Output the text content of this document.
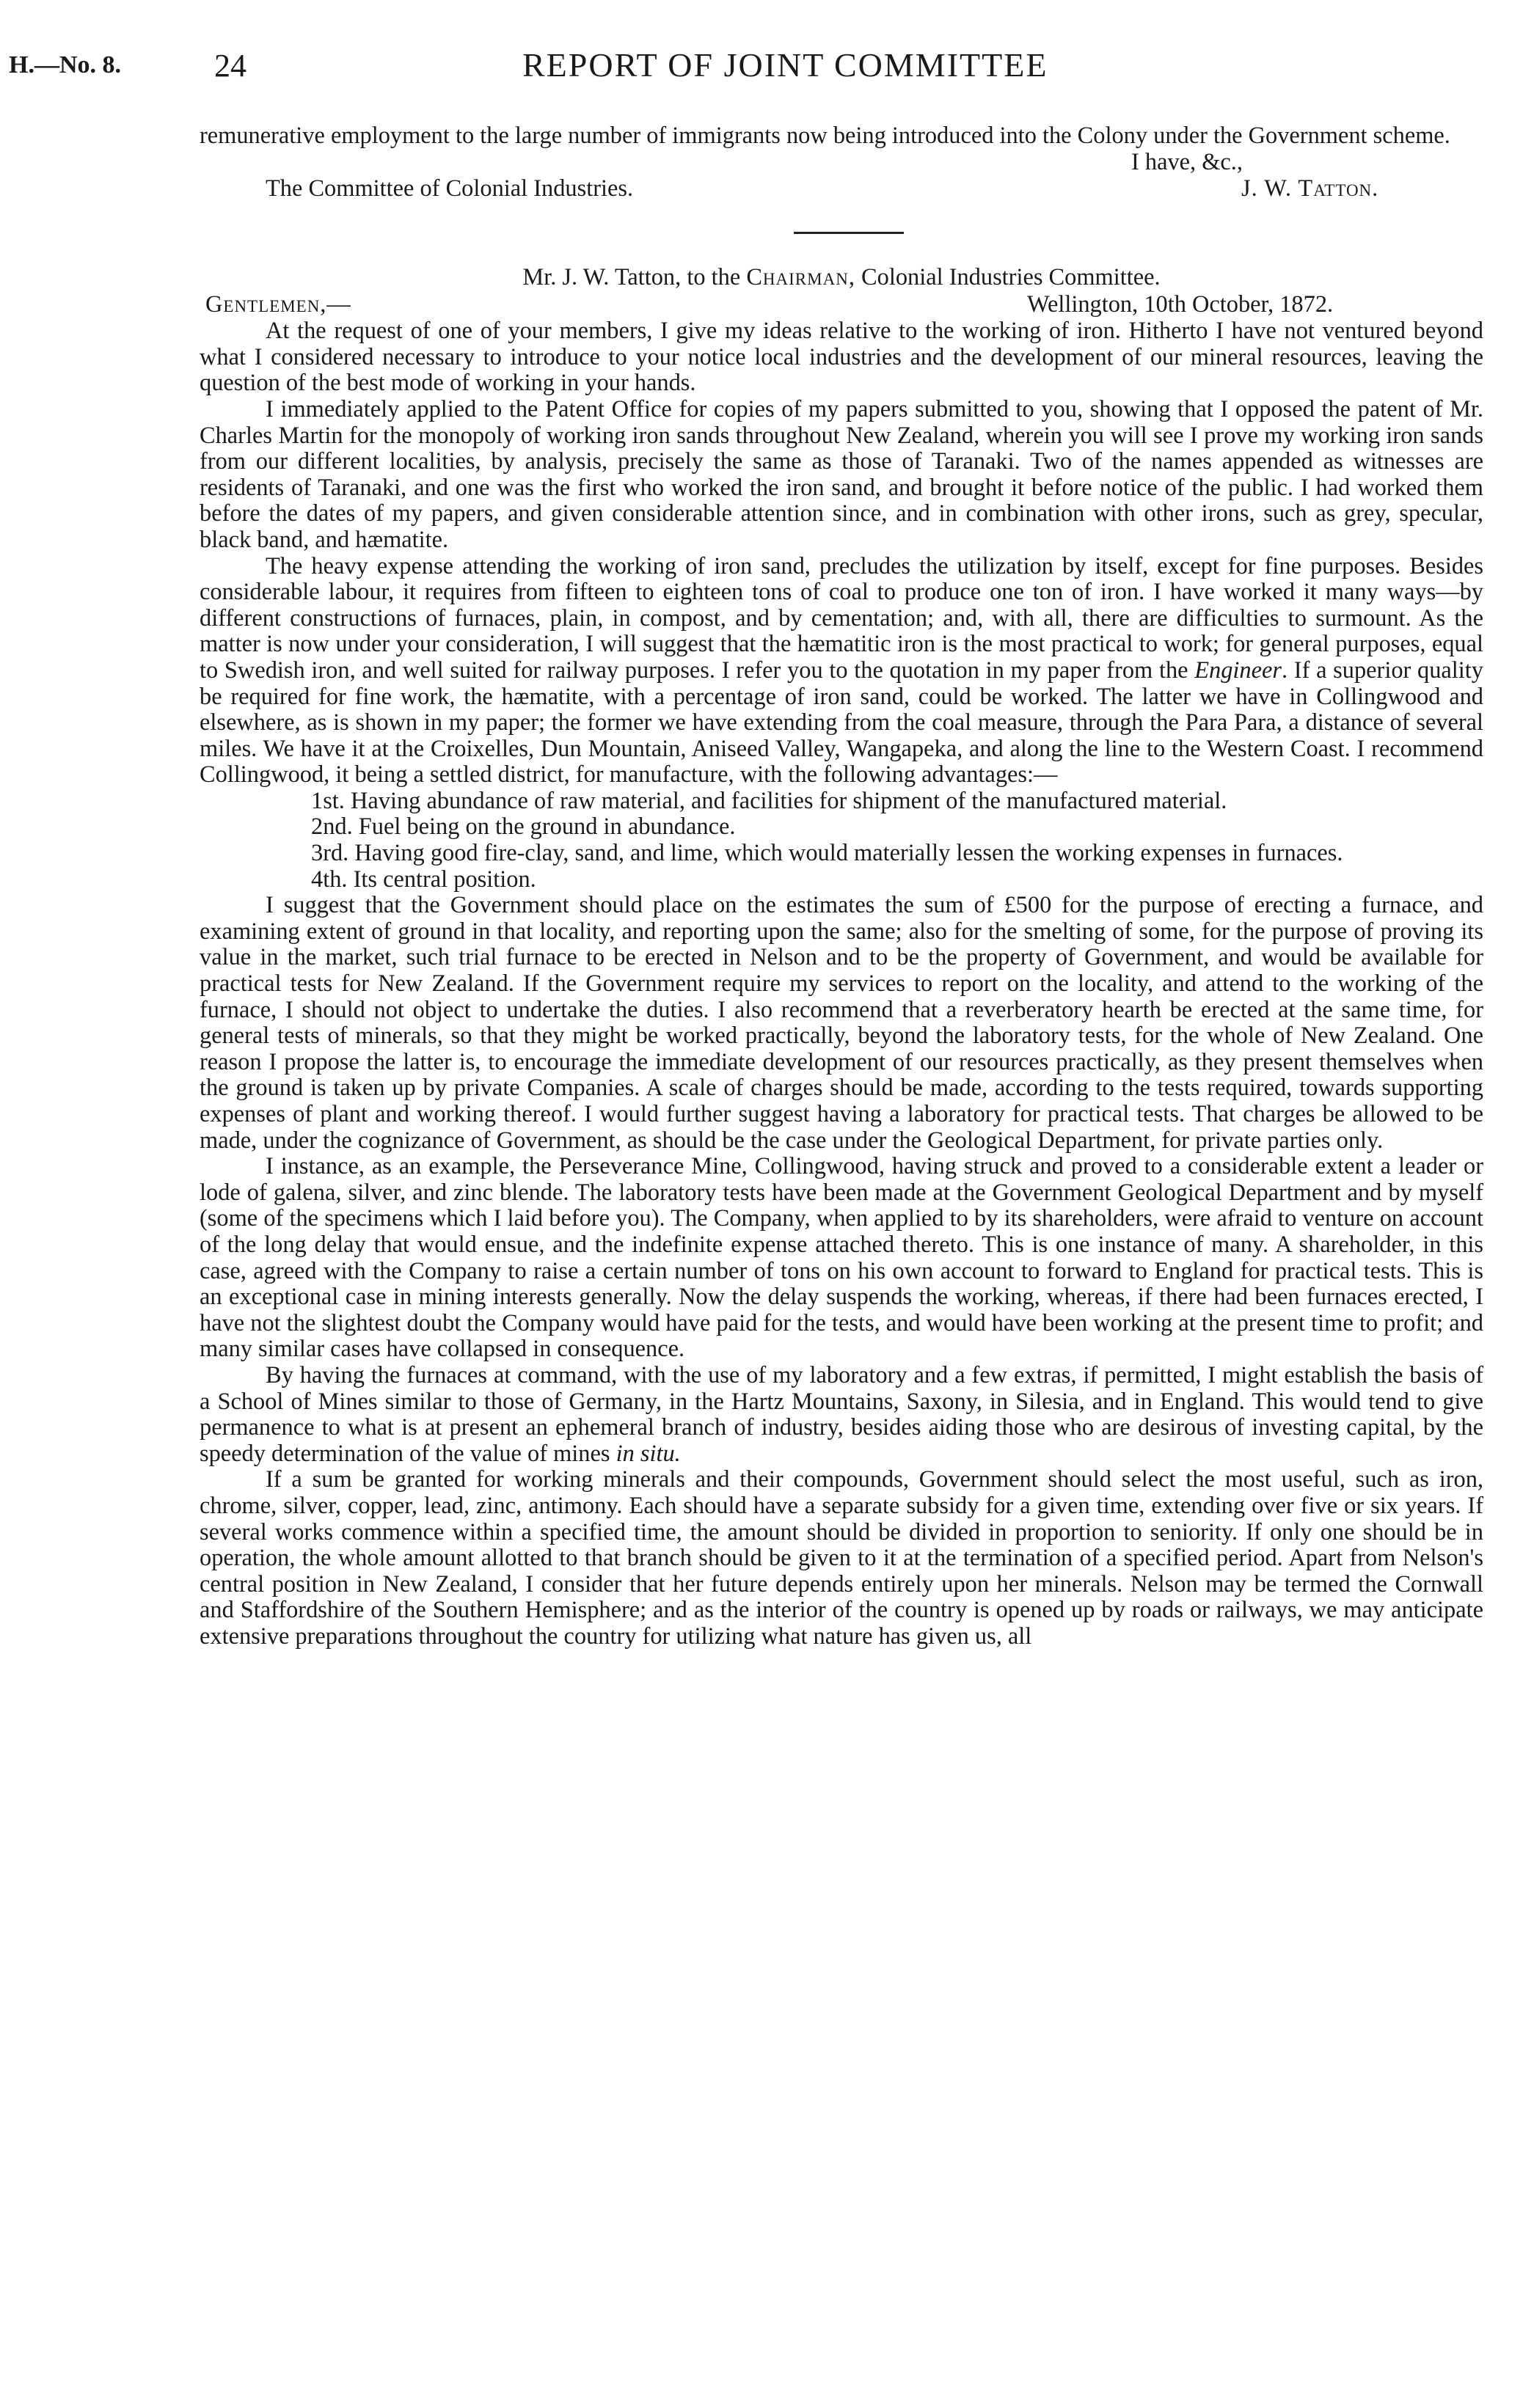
H.—No. 8.	24	REPORT OF JOINT COMMITTEE

remunerative employment to the large number of immigrants now being introduced into the Colony under the Government scheme.

I have, &c.,
The Committee of Colonial Industries.	J. W. Tatton.

Mr. J. W. Tatton, to the Chairman, Colonial Industries Committee.

Gentlemen,—	Wellington, 10th October, 1872.

At the request of one of your members, I give my ideas relative to the working of iron. Hitherto I have not ventured beyond what I considered necessary to introduce to your notice local industries and the development of our mineral resources, leaving the question of the best mode of working in your hands.

I immediately applied to the Patent Office for copies of my papers submitted to you, showing that I opposed the patent of Mr. Charles Martin for the monopoly of working iron sands throughout New Zealand, wherein you will see I prove my working iron sands from our different localities, by analysis, precisely the same as those of Taranaki. Two of the names appended as witnesses are residents of Taranaki, and one was the first who worked the iron sand, and brought it before notice of the public. I had worked them before the dates of my papers, and given considerable attention since, and in combination with other irons, such as grey, specular, black band, and hæmatite.

The heavy expense attending the working of iron sand, precludes the utilization by itself, except for fine purposes. Besides considerable labour, it requires from fifteen to eighteen tons of coal to produce one ton of iron. I have worked it many ways—by different constructions of furnaces, plain, in compost, and by cementation; and, with all, there are difficulties to surmount. As the matter is now under your consideration, I will suggest that the hæmatitic iron is the most practical to work; for general purposes, equal to Swedish iron, and well suited for railway purposes. I refer you to the quotation in my paper from the Engineer. If a superior quality be required for fine work, the hæmatite, with a percentage of iron sand, could be worked. The latter we have in Collingwood and elsewhere, as is shown in my paper; the former we have extending from the coal measure, through the Para Para, a distance of several miles. We have it at the Croixelles, Dun Mountain, Aniseed Valley, Wangapeka, and along the line to the Western Coast. I recommend Collingwood, it being a settled district, for manufacture, with the following advantages:—

1st. Having abundance of raw material, and facilities for shipment of the manufactured material.

2nd. Fuel being on the ground in abundance.

3rd. Having good fire-clay, sand, and lime, which would materially lessen the working expenses in furnaces.

4th. Its central position.

I suggest that the Government should place on the estimates the sum of £500 for the purpose of erecting a furnace, and examining extent of ground in that locality, and reporting upon the same; also for the smelting of some, for the purpose of proving its value in the market, such trial furnace to be erected in Nelson and to be the property of Government, and would be available for practical tests for New Zealand. If the Government require my services to report on the locality, and attend to the working of the furnace, I should not object to undertake the duties. I also recommend that a reverberatory hearth be erected at the same time, for general tests of minerals, so that they might be worked practically, beyond the laboratory tests, for the whole of New Zealand. One reason I propose the latter is, to encourage the immediate development of our resources practically, as they present themselves when the ground is taken up by private Companies. A scale of charges should be made, according to the tests required, towards supporting expenses of plant and working thereof. I would further suggest having a laboratory for practical tests. That charges be allowed to be made, under the cognizance of Government, as should be the case under the Geological Department, for private parties only.

I instance, as an example, the Perseverance Mine, Collingwood, having struck and proved to a considerable extent a leader or lode of galena, silver, and zinc blende. The laboratory tests have been made at the Government Geological Department and by myself (some of the specimens which I laid before you). The Company, when applied to by its shareholders, were afraid to venture on account of the long delay that would ensue, and the indefinite expense attached thereto. This is one instance of many. A shareholder, in this case, agreed with the Company to raise a certain number of tons on his own account to forward to England for practical tests. This is an exceptional case in mining interests generally. Now the delay suspends the working, whereas, if there had been furnaces erected, I have not the slightest doubt the Company would have paid for the tests, and would have been working at the present time to profit; and many similar cases have collapsed in consequence.

By having the furnaces at command, with the use of my laboratory and a few extras, if permitted, I might establish the basis of a School of Mines similar to those of Germany, in the Hartz Mountains, Saxony, in Silesia, and in England. This would tend to give permanence to what is at present an ephemeral branch of industry, besides aiding those who are desirous of investing capital, by the speedy determination of the value of mines in situ.

If a sum be granted for working minerals and their compounds, Government should select the most useful, such as iron, chrome, silver, copper, lead, zinc, antimony. Each should have a separate subsidy for a given time, extending over five or six years. If several works commence within a specified time, the amount should be divided in proportion to seniority. If only one should be in operation, the whole amount allotted to that branch should be given to it at the termination of a specified period. Apart from Nelson's central position in New Zealand, I consider that her future depends entirely upon her minerals. Nelson may be termed the Cornwall and Staffordshire of the Southern Hemisphere; and as the interior of the country is opened up by roads or railways, we may anticipate extensive preparations throughout the country for utilizing what nature has given us, all
